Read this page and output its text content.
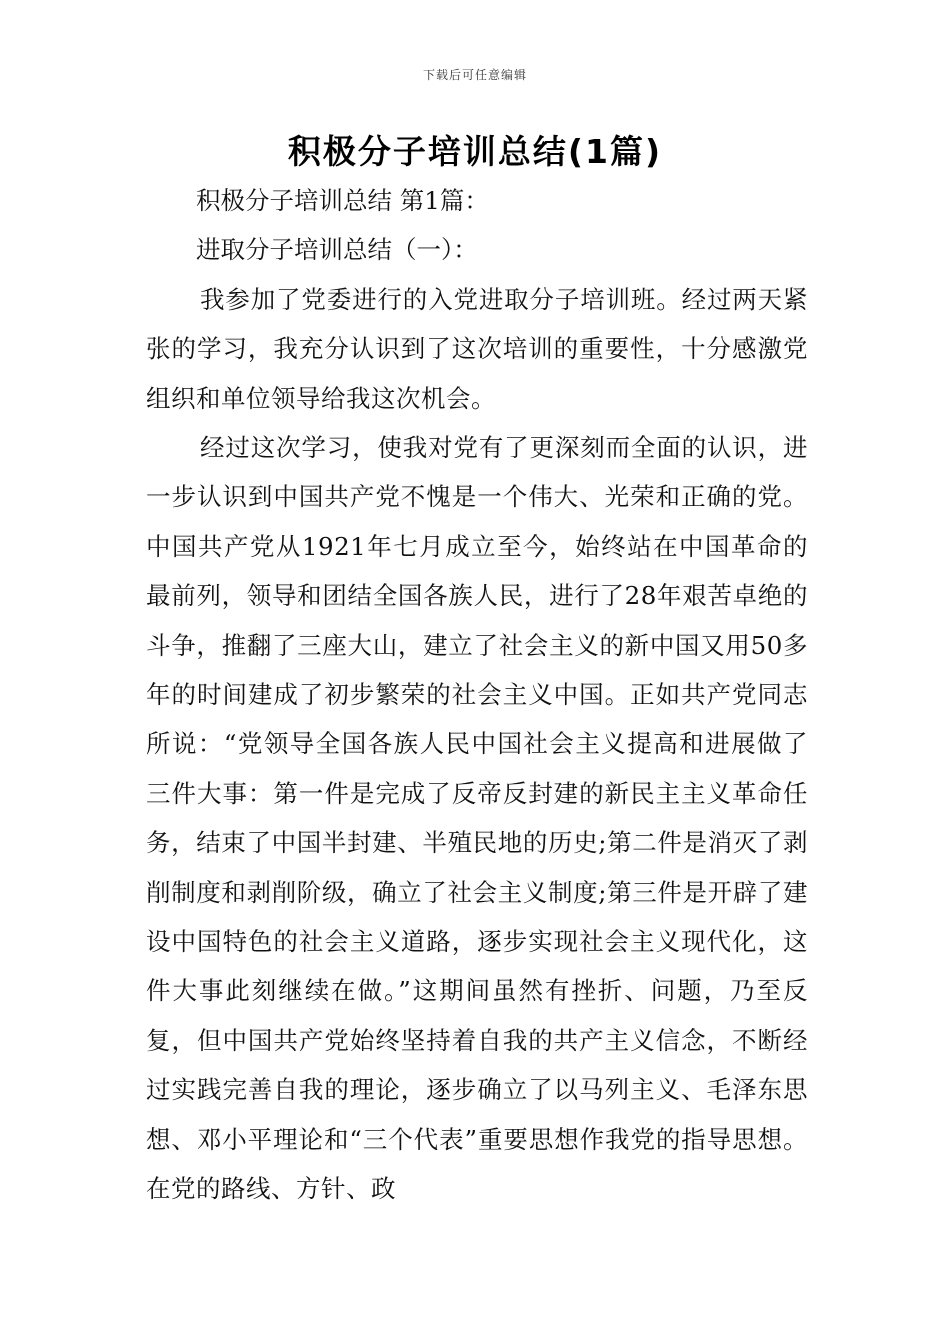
下载后可任意编辑
积极分子培训总结(1篇)
积极分子培训总结 第1篇：
进取分子培训总结（一）：

我参加了党委进行的入党进取分子培训班。经过两天紧张的学习，我充分认识到了这次培训的重要性，十分感激党组织和单位领导给我这次机会。

经过这次学习，使我对党有了更深刻而全面的认识，进一步认识到中国共产党不愧是一个伟大、光荣和正确的党。中国共产党从1921年七月成立至今，始终站在中国革命的最前列，领导和团结全国各族人民，进行了28年艰苦卓绝的斗争，推翻了三座大山，建立了社会主义的新中国又用50多年的时间建成了初步繁荣的社会主义中国。正如共产党同志所说：“党领导全国各族人民中国社会主义提高和进展做了三件大事：第一件是完成了反帝反封建的新民主主义革命任务，结束了中国半封建、半殖民地的历史;第二件是消灭了剥削制度和剥削阶级，确立了社会主义制度;第三件是开辟了建设中国特色的社会主义道路，逐步实现社会主义现代化，这件大事此刻继续在做。”这期间虽然有挫折、问题，乃至反复，但中国共产党始终坚持着自我的共产主义信念，不断经过实践完善自我的理论，逐步确立了以马列主义、毛泽东思想、邓小平理论和“三个代表”重要思想作我党的指导思想。在党的路线、方针、政
